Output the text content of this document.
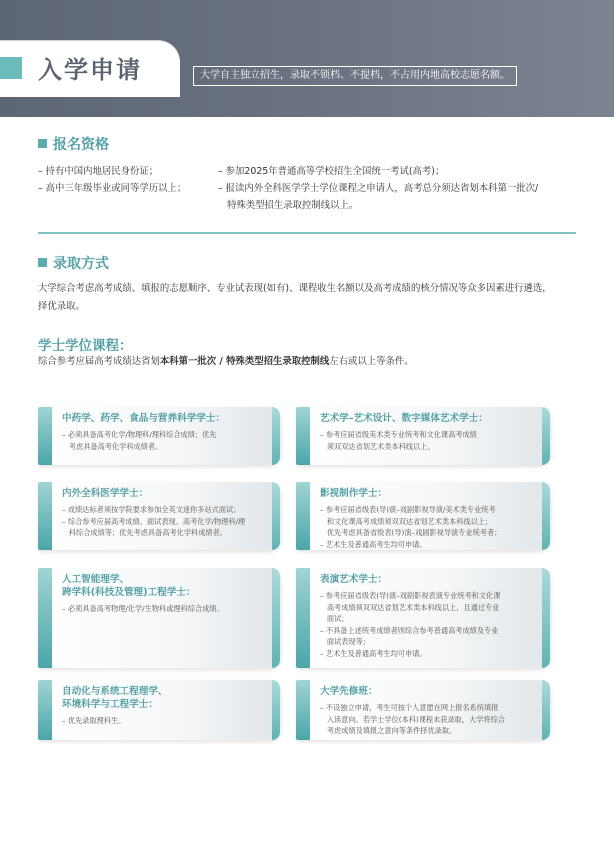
入学申请	大学自主独立招生，录取不锁档、不提档，不占用内地高校志愿名额。
报名资格
– 持有中国内地居民身份证；	– 参加2025年普通高等学校招生全国统一考试(高考)；
– 高中三年级毕业或同等学历以上；	– 报读内外全科医学学士学位课程之申请人，高考总分须达省划本科第一批次/
特殊类型招生录取控制线以上。
录取方式
大学综合考虑高考成绩、填报的志愿顺序、专业试表现(如有)、课程收生名额以及高考成绩的核分情况等众多因素进行遴选，
择优录取。
学士学位课程：
综合参考应届高考成绩达省划本科第一批次 / 特殊类型招生录取控制线左右或以上等条件。
中药学、药学、食品与营养科学学士：
– 必须具备高考化学/物理科/理科综合成绩；优先
考虑具备高考化学科成绩者。
艺术学–艺术设计、数字媒体艺术学士：
– 参考应届省级美术类专业统考和文化课高考成绩
须双双达省划艺术类本科线以上。
内外全科医学学士：
– 成绩达标者须按学院要求参加全英文迷你多站式面试；
– 综合参考应届高考成绩、面试表现、高考化学/物理科/理
科综合成绩等；优先考虑具备高考化学科成绩者。
影视制作学士：
– 参考应届省级表(导)演–戏剧影视导演/美术类专业统考
和文化课高考成绩须双双达省划艺术类本科线以上；
优先考虑具备省级表(导)演–戏剧影视导演专业统考者；
– 艺术生及普通高考生均可申请。
人工智能理学、
跨学科(科技及管理)工程学士：
– 必须具备高考物理/化学/生物科或理科综合成绩。
表演艺术学士：
– 参考应届省级表(导)演–戏剧影视表演专业统考和文化课
高考成绩须双双达省划艺术类本科线以上，且通过专业
面试；
– 不具备上述统考成绩者则综合参考普通高考成绩及专业
面试表现等；
– 艺术生及普通高考生均可申请。
自动化与系统工程理学、
环境科学与工程学士：
– 优先录取理科生。
大学先修班：
– 不设独立申请，考生可按个人意愿在网上报名系统填报
入读意向。若学士学位(本科)课程未获录取，大学将综合
考虑成绩及填报之意向等条件择优录取。
